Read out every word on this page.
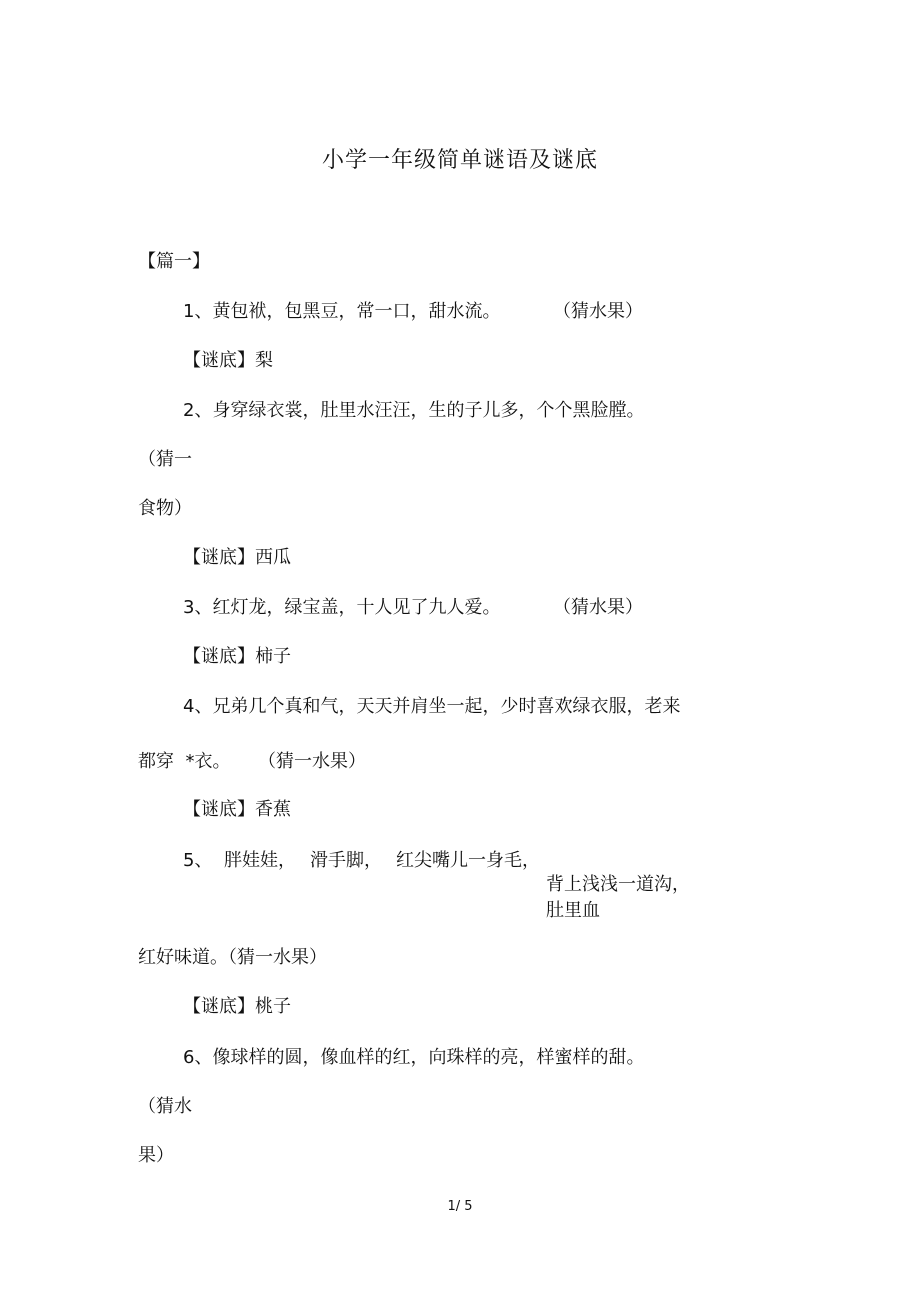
小学一年级简单谜语及谜底
【篇一】
1、黄包袱，包黑豆，常一口，甜水流。	（猜水果）
【谜底】梨
2、身穿绿衣裳，肚里水汪汪，生的子儿多，个个黑脸膛。
（猜一
食物）
【谜底】西瓜
3、红灯龙，绿宝盖，十人见了九人爱。	（猜水果）
【谜底】柿子
4、兄弟几个真和气，天天并肩坐一起，少时喜欢绿衣服，老来
都穿  *衣。 （猜一水果）
【谜底】香蕉
5、 胖娃娃， 滑手脚， 红尖嘴儿一身毛，
背上浅浅一道沟，
肚里血
红好味道。（猜一水果）
【谜底】桃子
6、像球样的圆，像血样的红，向珠样的亮，样蜜样的甜。
（猜水
果）
1/ 5
